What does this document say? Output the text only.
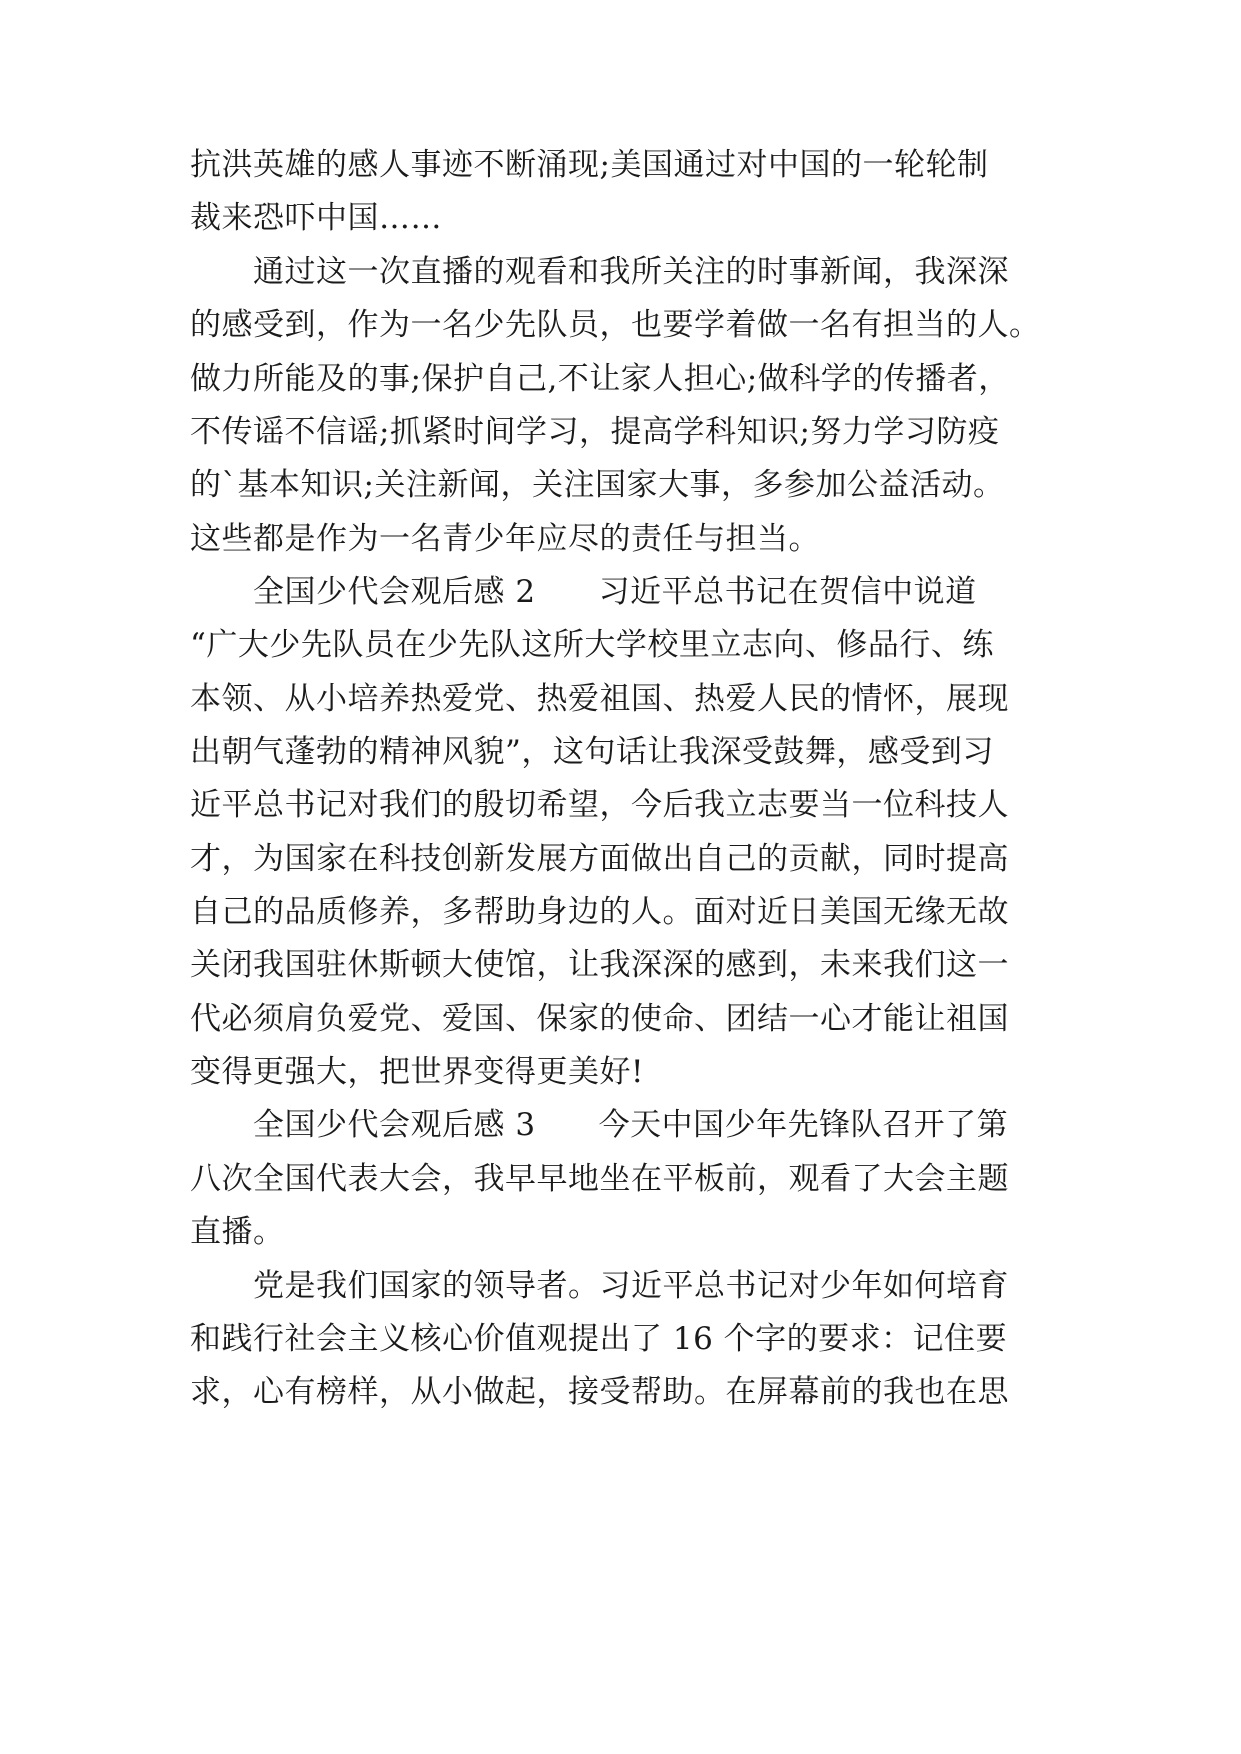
抗洪英雄的感人事迹不断涌现;美国通过对中国的一轮轮制
裁来恐吓中国……
　　通过这一次直播的观看和我所关注的时事新闻，我深深
的感受到，作为一名少先队员，也要学着做一名有担当的人。
做力所能及的事;保护自己,不让家人担心;做科学的传播者，
不传谣不信谣;抓紧时间学习，提高学科知识;努力学习防疫
的`基本知识;关注新闻，关注国家大事，多参加公益活动。
这些都是作为一名青少年应尽的责任与担当。
　　全国少代会观后感 2　　习近平总书记在贺信中说道
“广大少先队员在少先队这所大学校里立志向、修品行、练
本领、从小培养热爱党、热爱祖国、热爱人民的情怀，展现
出朝气蓬勃的精神风貌”，这句话让我深受鼓舞，感受到习
近平总书记对我们的殷切希望，今后我立志要当一位科技人
才，为国家在科技创新发展方面做出自己的贡献，同时提高
自己的品质修养，多帮助身边的人。面对近日美国无缘无故
关闭我国驻休斯顿大使馆，让我深深的感到，未来我们这一
代必须肩负爱党、爱国、保家的使命、团结一心才能让祖国
变得更强大，把世界变得更美好!
　　全国少代会观后感 3　　今天中国少年先锋队召开了第
八次全国代表大会，我早早地坐在平板前，观看了大会主题
直播。
　　党是我们国家的领导者。习近平总书记对少年如何培育
和践行社会主义核心价值观提出了 16 个字的要求：记住要
求，心有榜样，从小做起，接受帮助。在屏幕前的我也在思
